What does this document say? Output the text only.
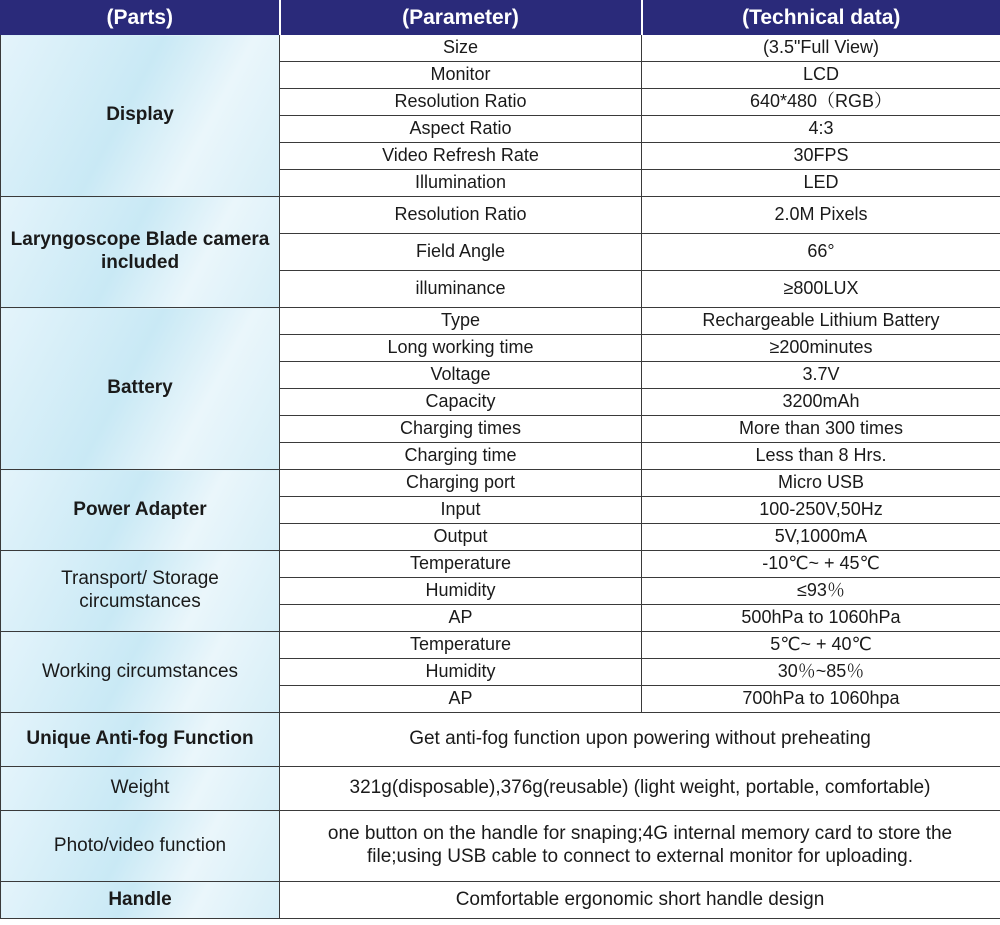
(Parts)	(Parameter)	(Technical data)
Display	Size	(3.5"Full View)
	Monitor	LCD
	Resolution Ratio	640*480（RGB）
	Aspect Ratio	4:3
	Video Refresh Rate	30FPS
	Illumination	LED
Laryngoscope Blade camera included	Resolution Ratio	2.0M Pixels
	Field Angle	66°
	illuminance	≥800LUX
Battery	Type	Rechargeable Lithium Battery
	Long working time	≥200minutes
	Voltage	3.7V
	Capacity	3200mAh
	Charging times	More than 300 times
	Charging time	Less than 8 Hrs.
Power Adapter	Charging port	Micro USB
	Input	100-250V,50Hz
	Output	5V,1000mA
Transport/ Storage circumstances	Temperature	-10℃~ + 45℃
	Humidity	≤93％
	AP	500hPa to 1060hPa
Working circumstances	Temperature	5℃~ + 40℃
	Humidity	30％~85％
	AP	700hPa to 1060hpa
Unique Anti-fog Function	Get anti-fog function upon powering without preheating	
Weight	321g(disposable),376g(reusable) (light weight, portable, comfortable)	
Photo/video function	one button on the handle for snaping;4G internal memory card to store the file;using USB cable to connect to external monitor for uploading.	
Handle	Comfortable ergonomic short handle design	
